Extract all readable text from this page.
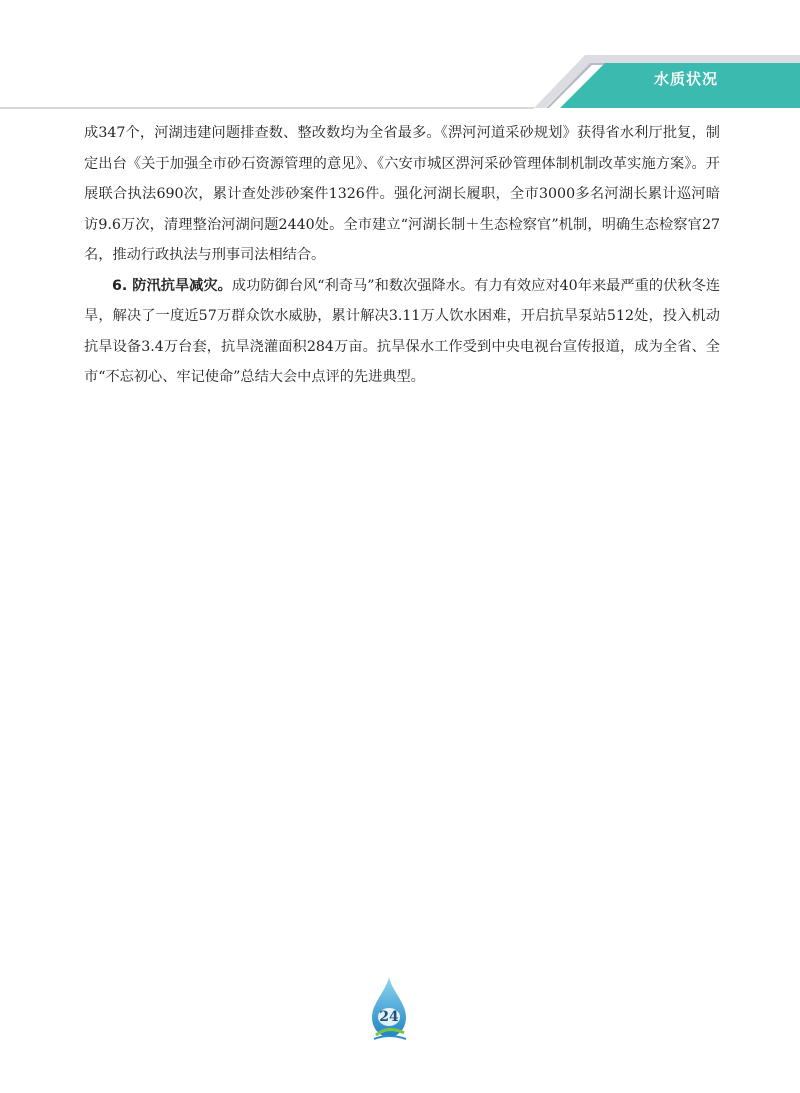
水质状况

成347个，河湖违建问题排查数、整改数均为全省最多。《淠河河道采砂规划》获得省水利厅批复，制定出台《关于加强全市砂石资源管理的意见》、《六安市城区淠河采砂管理体制机制改革实施方案》。开展联合执法690次，累计查处涉砂案件1326件。强化河湖长履职，全市3000多名河湖长累计巡河暗访9.6万次，清理整治河湖问题2440处。全市建立“河湖长制＋生态检察官”机制，明确生态检察官27名，推动行政执法与刑事司法相结合。

6. 防汛抗旱减灾。成功防御台风“利奇马”和数次强降水。有力有效应对40年来最严重的伏秋冬连旱，解决了一度近57万群众饮水威胁，累计解决3.11万人饮水困难，开启抗旱泵站512处，投入机动抗旱设备3.4万台套，抗旱浇灌面积284万亩。抗旱保水工作受到中央电视台宣传报道，成为全省、全市“不忘初心、牢记使命”总结大会中点评的先进典型。

24
